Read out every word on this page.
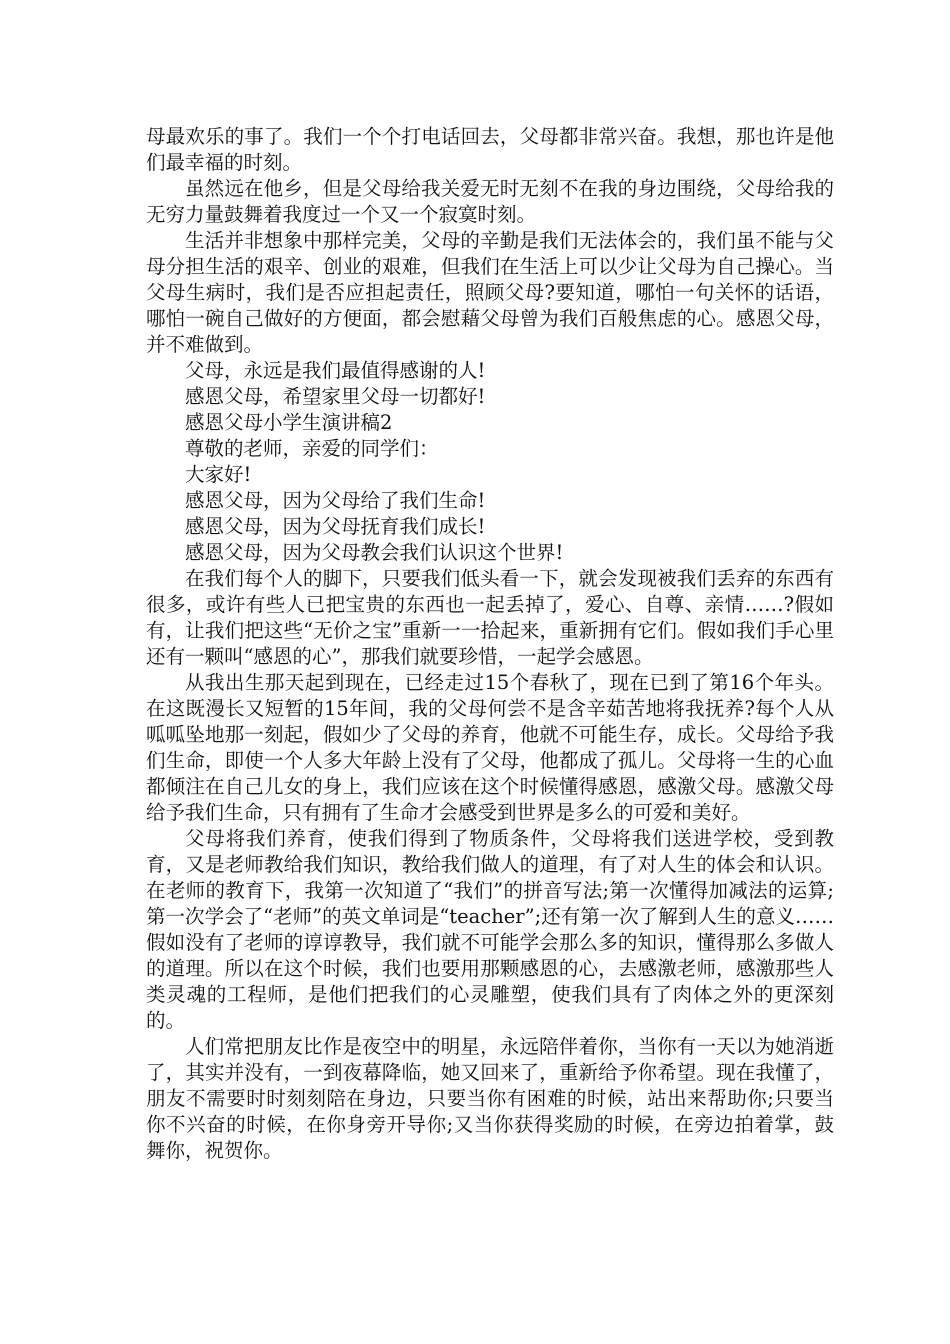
母最欢乐的事了。我们一个个打电话回去，父母都非常兴奋。我想，那也许是他们最幸福的时刻。

虽然远在他乡，但是父母给我关爱无时无刻不在我的身边围绕，父母给我的无穷力量鼓舞着我度过一个又一个寂寞时刻。

生活并非想象中那样完美，父母的辛勤是我们无法体会的，我们虽不能与父母分担生活的艰辛、创业的艰难，但我们在生活上可以少让父母为自己操心。当父母生病时，我们是否应担起责任，照顾父母?要知道，哪怕一句关怀的话语，哪怕一碗自己做好的方便面，都会慰藉父母曾为我们百般焦虑的心。感恩父母，并不难做到。

父母，永远是我们最值得感谢的人!

感恩父母，希望家里父母一切都好!

感恩父母小学生演讲稿2

尊敬的老师，亲爱的同学们：

大家好!

感恩父母，因为父母给了我们生命!

感恩父母，因为父母抚育我们成长!

感恩父母，因为父母教会我们认识这个世界!

在我们每个人的脚下，只要我们低头看一下，就会发现被我们丢弃的东西有很多，或许有些人已把宝贵的东西也一起丢掉了，爱心、自尊、亲情……?假如有，让我们把这些“无价之宝”重新一一拾起来，重新拥有它们。假如我们手心里还有一颗叫“感恩的心”，那我们就要珍惜，一起学会感恩。

从我出生那天起到现在，已经走过15个春秋了，现在已到了第16个年头。在这既漫长又短暂的15年间，我的父母何尝不是含辛茹苦地将我抚养?每个人从呱呱坠地那一刻起，假如少了父母的养育，他就不可能生存，成长。父母给予我们生命，即使一个人多大年龄上没有了父母，他都成了孤儿。父母将一生的心血都倾注在自己儿女的身上，我们应该在这个时候懂得感恩，感激父母。感激父母给予我们生命，只有拥有了生命才会感受到世界是多么的可爱和美好。

父母将我们养育，使我们得到了物质条件，父母将我们送进学校，受到教育，又是老师教给我们知识，教给我们做人的道理，有了对人生的体会和认识。在老师的教育下，我第一次知道了“我们”的拼音写法;第一次懂得加减法的运算;第一次学会了“老师”的英文单词是“teacher”;还有第一次了解到人生的意义……假如没有了老师的谆谆教导，我们就不可能学会那么多的知识，懂得那么多做人的道理。所以在这个时候，我们也要用那颗感恩的心，去感激老师，感激那些人类灵魂的工程师，是他们把我们的心灵雕塑，使我们具有了肉体之外的更深刻的。

人们常把朋友比作是夜空中的明星，永远陪伴着你，当你有一天以为她消逝了，其实并没有，一到夜幕降临，她又回来了，重新给予你希望。现在我懂了，朋友不需要时时刻刻陪在身边，只要当你有困难的时候，站出来帮助你;只要当你不兴奋的时候，在你身旁开导你;又当你获得奖励的时候，在旁边拍着掌，鼓舞你，祝贺你。
